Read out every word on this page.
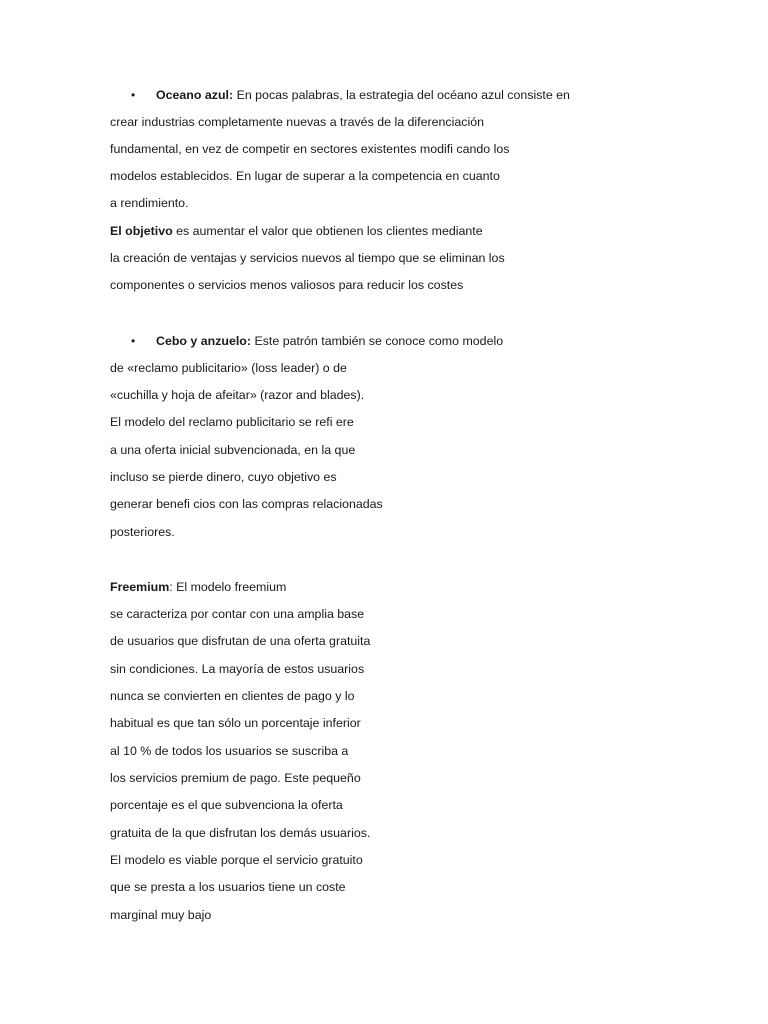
• Oceano azul: En pocas palabras, la estrategia del océano azul consiste en
crear industrias completamente nuevas a través de la diferenciación
fundamental, en vez de competir en sectores existentes modifi cando los
modelos establecidos. En lugar de superar a la competencia en cuanto
a rendimiento.
El objetivo es aumentar el valor que obtienen los clientes mediante
la creación de ventajas y servicios nuevos al tiempo que se eliminan los
componentes o servicios menos valiosos para reducir los costes
• Cebo y anzuelo: Este patrón también se conoce como modelo
de «reclamo publicitario» (loss leader) o de
«cuchilla y hoja de afeitar» (razor and blades).
El modelo del reclamo publicitario se refi ere
a una oferta inicial subvencionada, en la que
incluso se pierde dinero, cuyo objetivo es
generar benefi cios con las compras relacionadas
posteriores.
Freemium: El modelo freemium
se caracteriza por contar con una amplia base
de usuarios que disfrutan de una oferta gratuita
sin condiciones. La mayoría de estos usuarios
nunca se convierten en clientes de pago y lo
habitual es que tan sólo un porcentaje inferior
al 10 % de todos los usuarios se suscriba a
los servicios premium de pago. Este pequeño
porcentaje es el que subvenciona la oferta
gratuita de la que disfrutan los demás usuarios.
El modelo es viable porque el servicio gratuito
que se presta a los usuarios tiene un coste
marginal muy bajo
